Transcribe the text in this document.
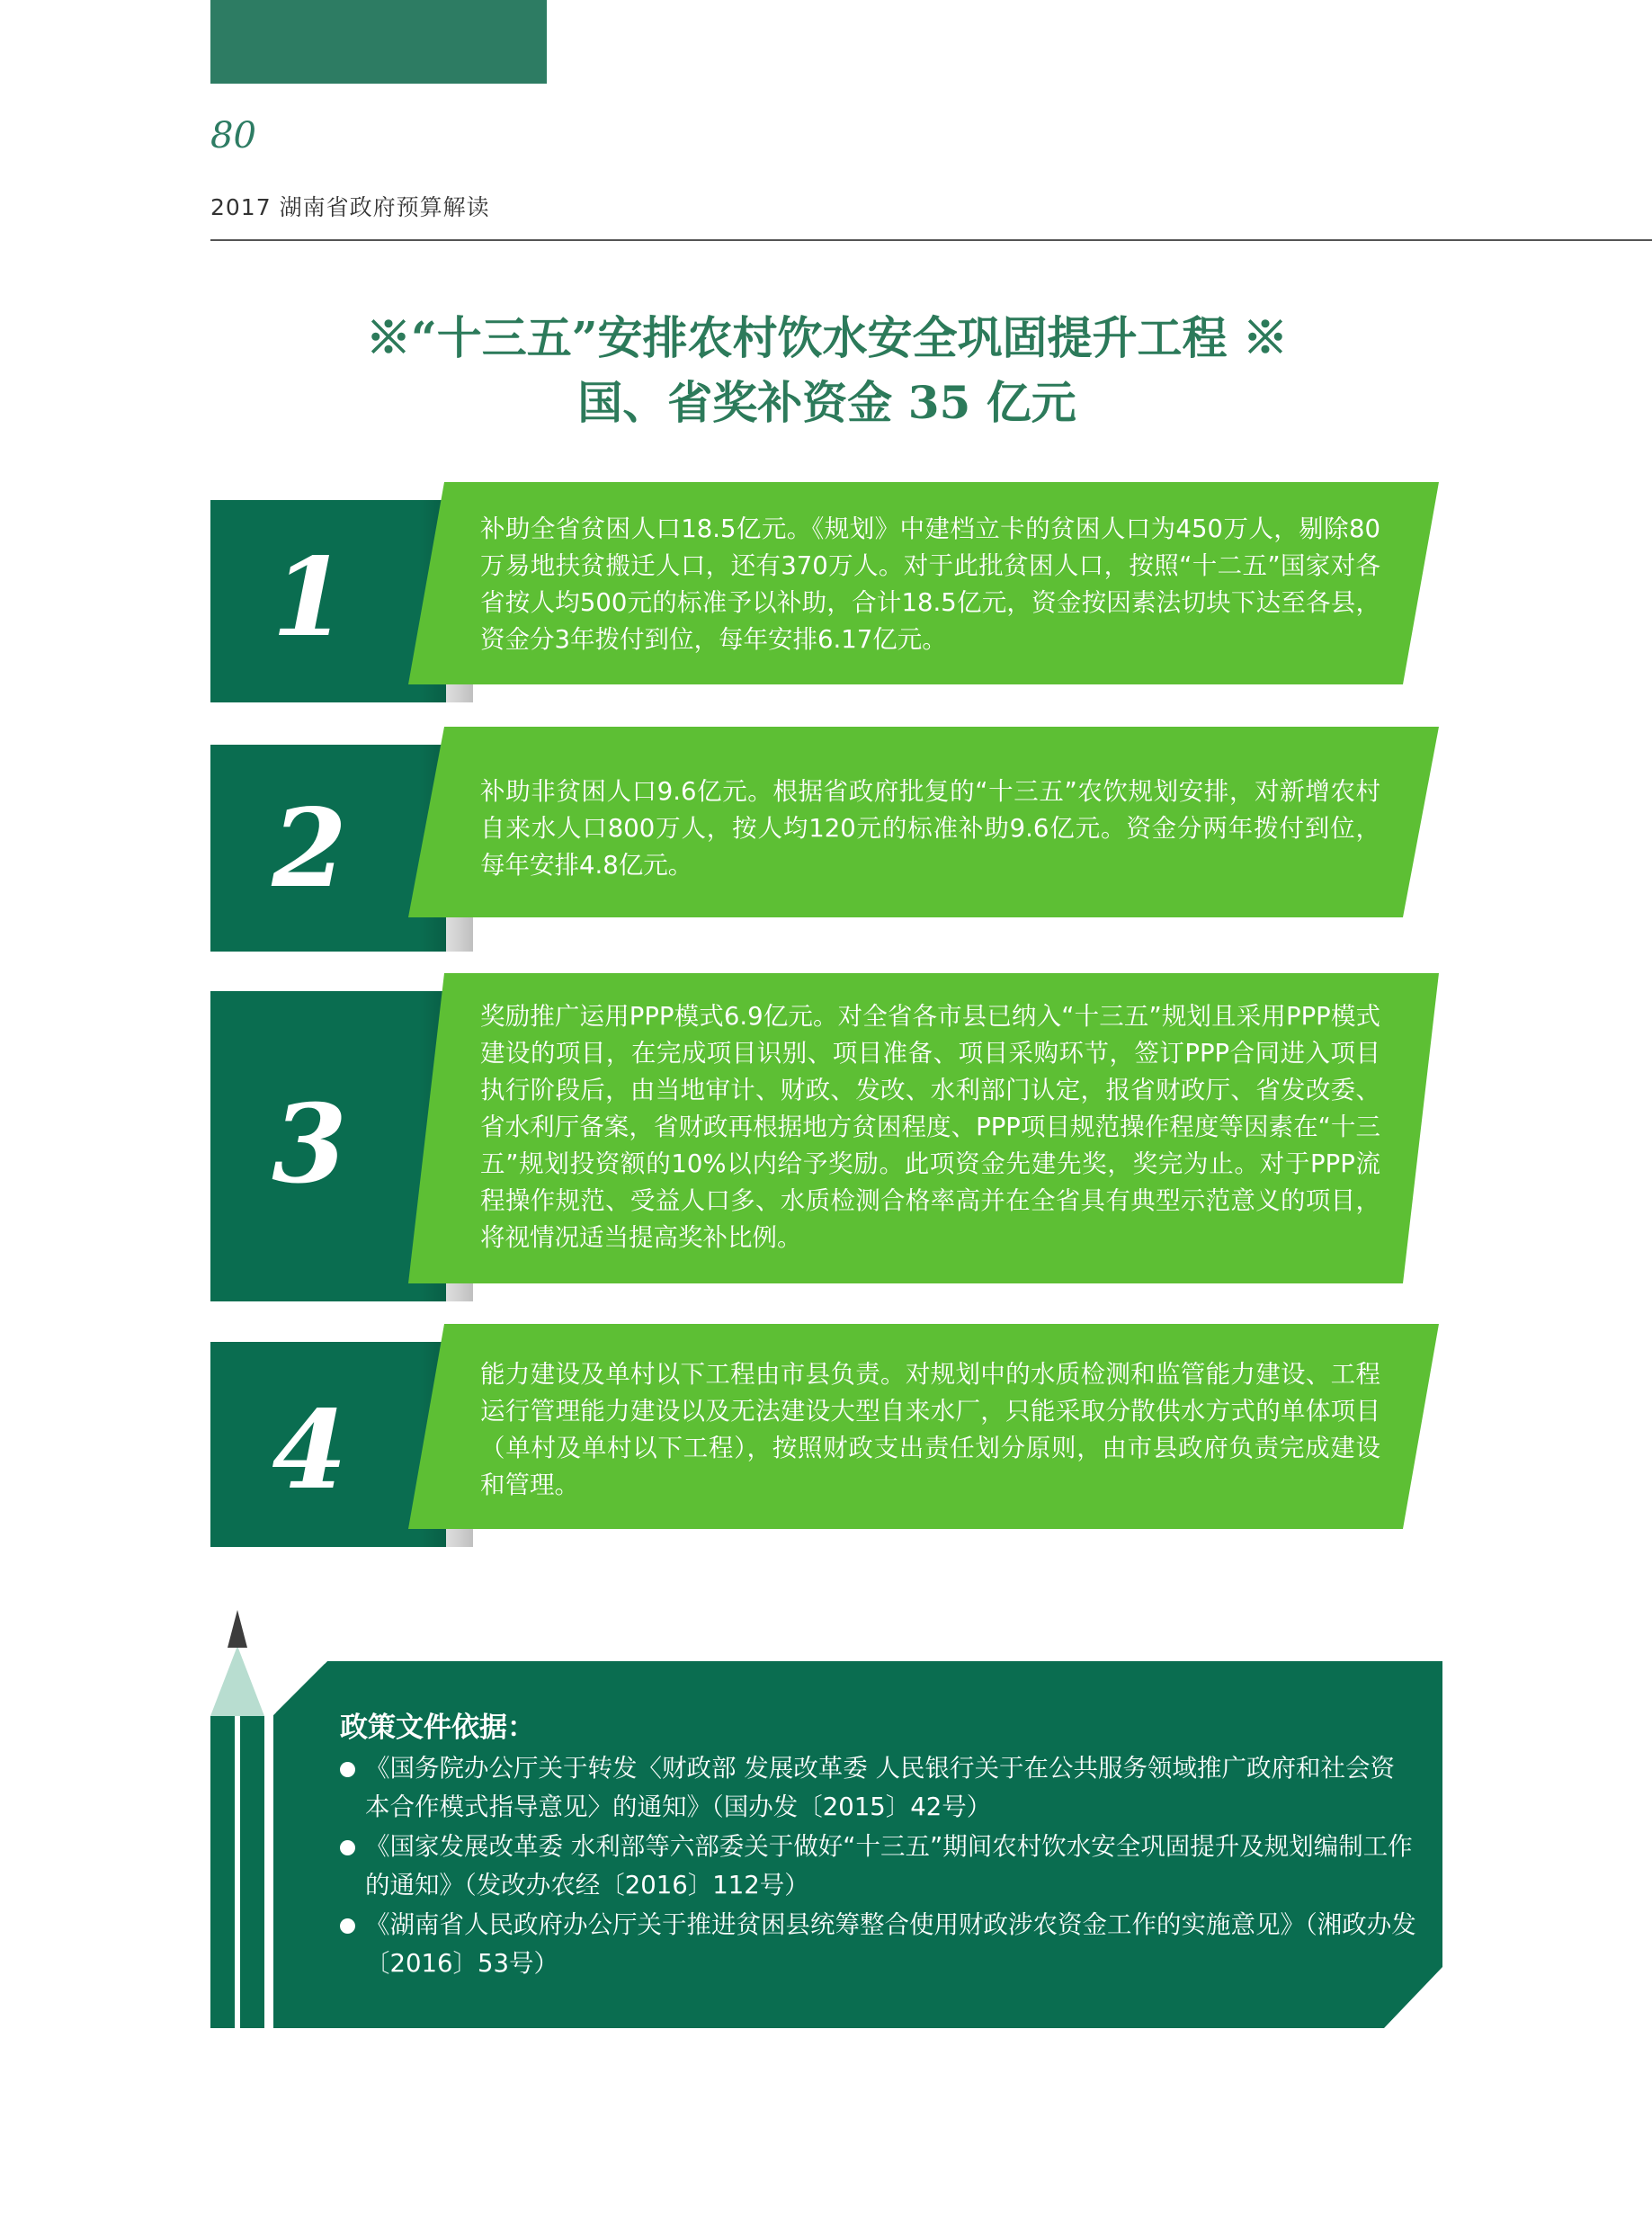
80
2017 湖南省政府预算解读
※“十三五”安排农村饮水安全巩固提升工程 ※
国、省奖补资金 35 亿元
1
补助全省贫困人口18.5亿元。《规划》中建档立卡的贫困人口为450万人，剔除80万易地扶贫搬迁人口，还有370万人。对于此批贫困人口，按照“十二五”国家对各省按人均500元的标准予以补助，合计18.5亿元，资金按因素法切块下达至各县，资金分3年拨付到位，每年安排6.17亿元。
2	补助非贫困人口9.6亿元。根据省政府批复的“十三五”农饮规划安排，对新增农村自来水人口800万人，按人均120元的标准补助9.6亿元。资金分两年拨付到位，每年安排4.8亿元。
3
奖励推广运用PPP模式6.9亿元。对全省各市县已纳入“十三五”规划且采用PPP模式建设的项目，在完成项目识别、项目准备、项目采购环节，签订PPP合同进入项目执行阶段后，由当地审计、财政、发改、水利部门认定，报省财政厅、省发改委、省水利厅备案，省财政再根据地方贫困程度、PPP项目规范操作程度等因素在“十三五”规划投资额的10%以内给予奖励。此项资金先建先奖，奖完为止。对于PPP流程操作规范、受益人口多、水质检测合格率高并在全省具有典型示范意义的项目，将视情况适当提高奖补比例。
4
能力建设及单村以下工程由市县负责。对规划中的水质检测和监管能力建设、工程运行管理能力建设以及无法建设大型自来水厂，只能采取分散供水方式的单体项目（单村及单村以下工程），按照财政支出责任划分原则，由市县政府负责完成建设和管理。
政策文件依据：
《国务院办公厅关于转发〈财政部 发展改革委 人民银行关于在公共服务领域推广政府和社会资本合作模式指导意见〉的通知》（国办发〔2015〕42号）
《国家发展改革委 水利部等六部委关于做好“十三五”期间农村饮水安全巩固提升及规划编制工作的通知》（发改办农经〔2016〕112号）
《湖南省人民政府办公厅关于推进贫困县统筹整合使用财政涉农资金工作的实施意见》（湘政办发〔2016〕53号）
